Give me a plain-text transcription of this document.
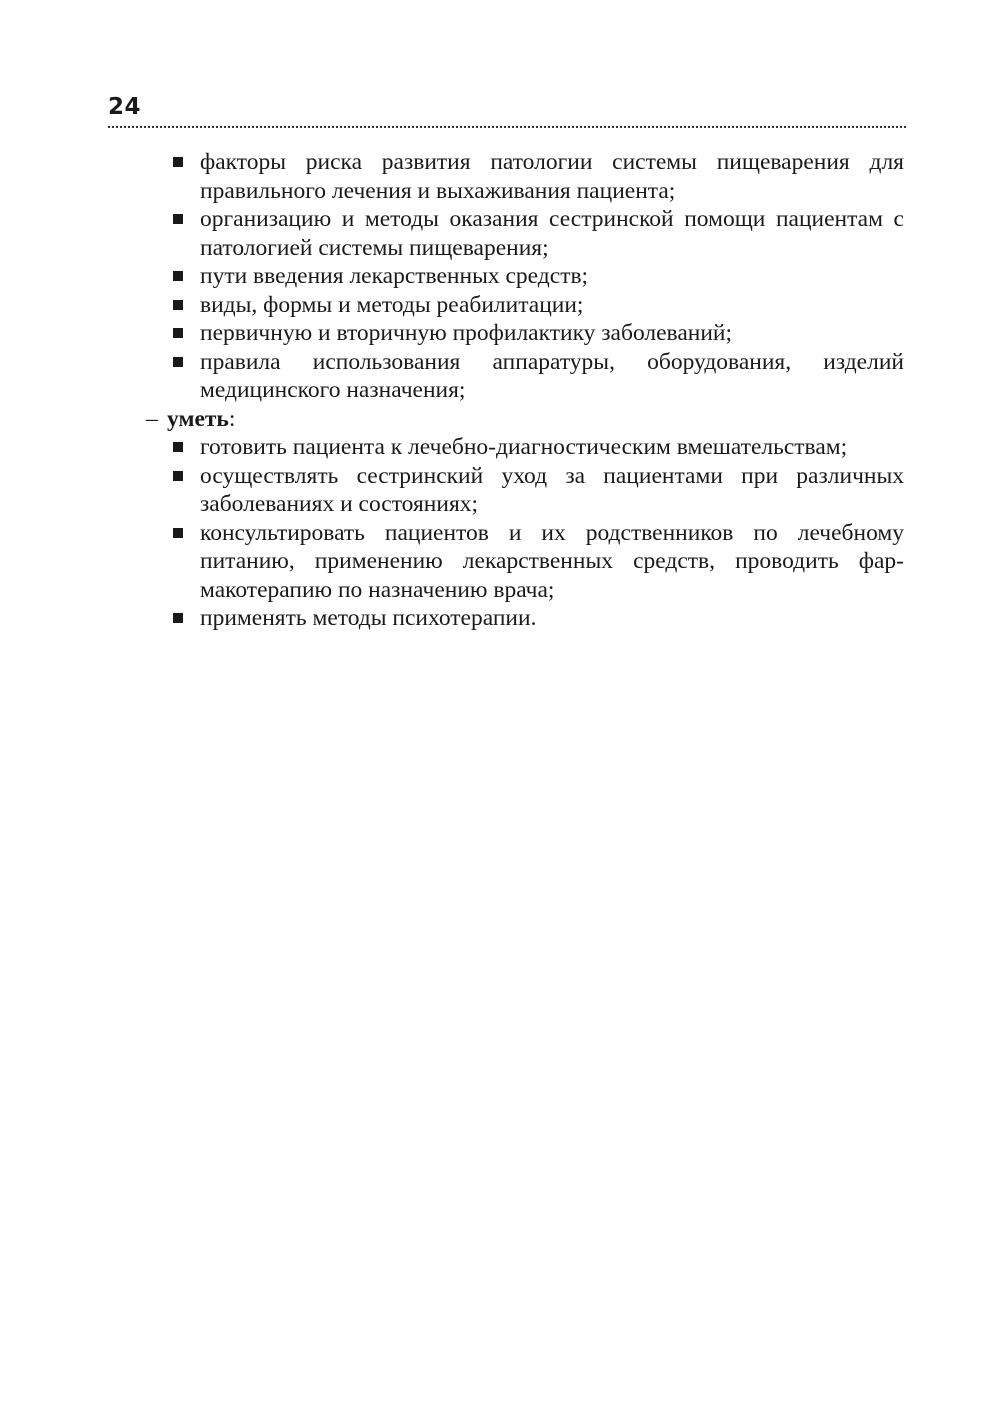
24
факторы риска развития патологии системы пищеварения для правильного лечения и выхаживания пациента;
организацию и методы оказания сестринской помощи пациентам с патологией системы пищеварения;
пути введения лекарственных средств;
виды, формы и методы реабилитации;
первичную и вторичную профилактику заболеваний;
правила использования аппаратуры, оборудования, изделий медицинского назначения;

– уметь:

готовить пациента к лечебно-диагностическим вмешательствам;
осуществлять сестринский уход за пациентами при различных заболеваниях и состояниях;
консультировать пациентов и их родственников по лечебному питанию, применению лекарственных средств, проводить фармакотерапию по назначению врача;
применять методы психотерапии.
